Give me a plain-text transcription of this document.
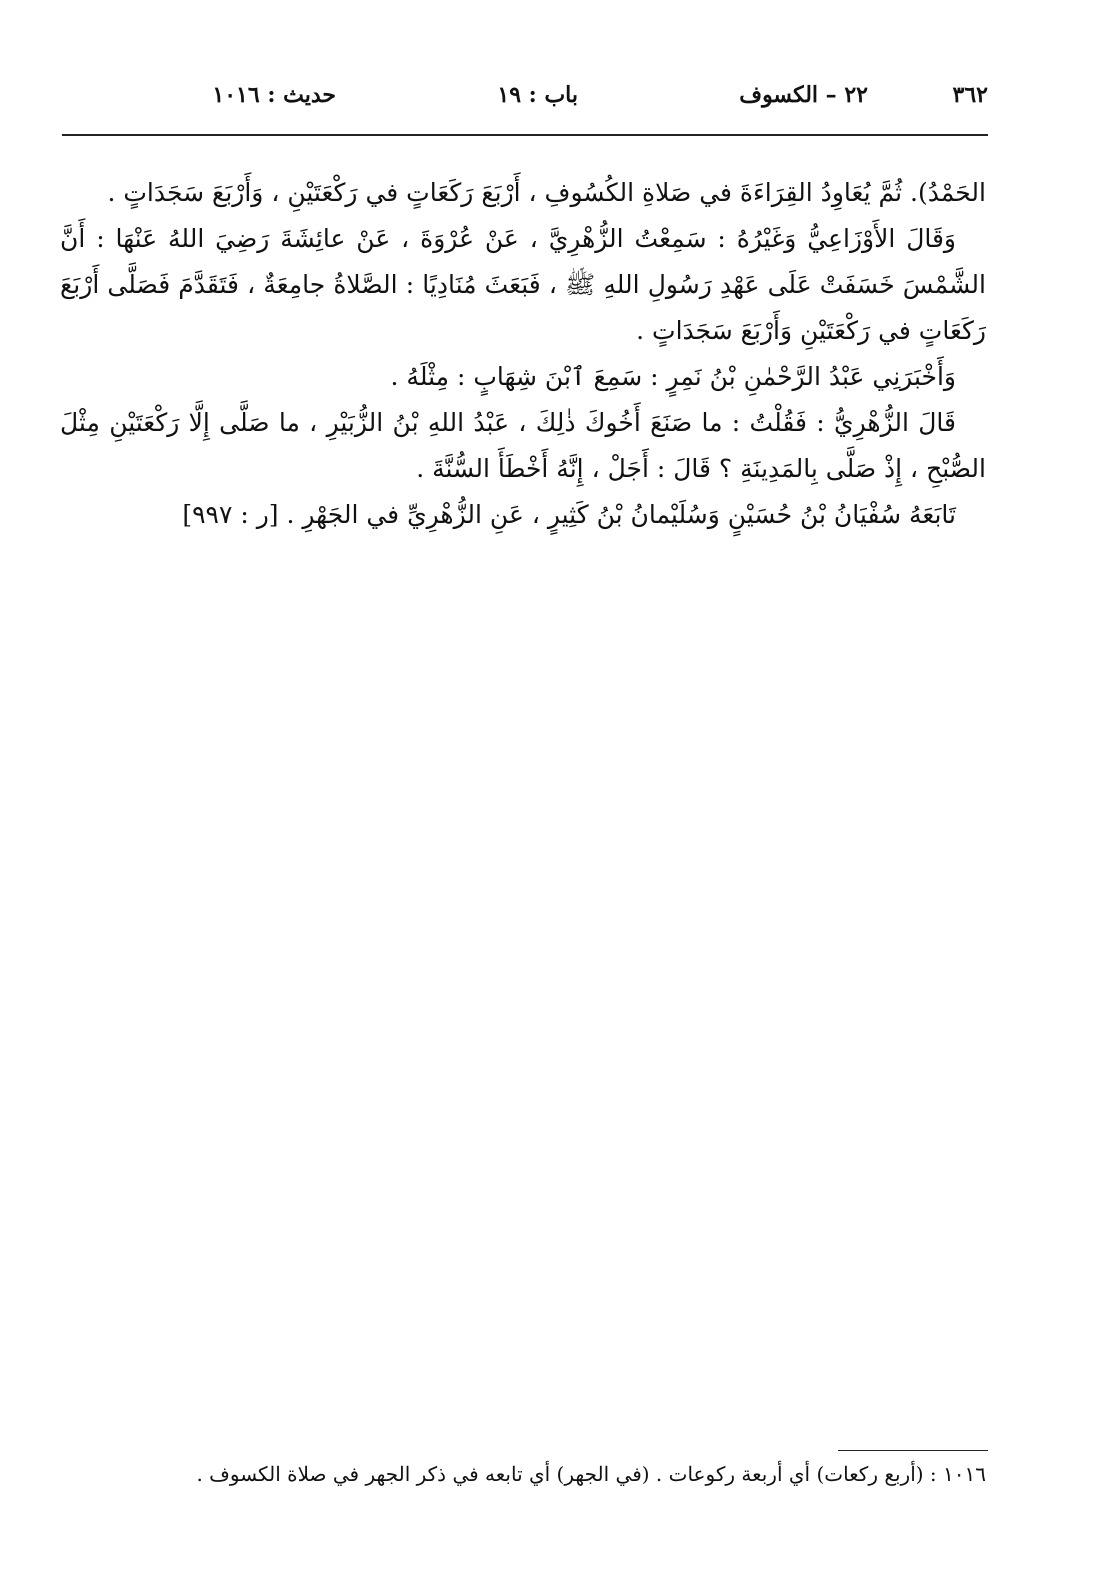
٣٦٢
٢٢ – الكسوف
باب : ١٩
حديث : ١٠١٦

الحَمْدُ). ثُمَّ يُعَاوِدُ القِرَاءَةَ في صَلاةِ الكُسُوفِ ، أَرْبَعَ رَكَعَاتٍ في رَكْعَتَيْنِ ، وَأَرْبَعَ سَجَدَاتٍ .

وَقَالَ الأَوْزَاعِيُّ وَغَيْرُهُ : سَمِعْتُ الزُّهْرِيَّ ، عَنْ عُرْوَةَ ، عَنْ عائِشَةَ رَضِيَ اللهُ عَنْهَا : أَنَّ الشَّمْسَ خَسَفَتْ عَلَى عَهْدِ رَسُولِ اللهِ ﷺ ، فَبَعَثَ مُنَادِيًا : الصَّلاةُ جامِعَةٌ ، فَتَقَدَّمَ فَصَلَّى أَرْبَعَ رَكَعَاتٍ في رَكْعَتَيْنِ وَأَرْبَعَ سَجَدَاتٍ .

وَأَخْبَرَنِي عَبْدُ الرَّحْمٰنِ بْنُ نَمِرٍ : سَمِعَ ٱبْنَ شِهَابٍ : مِثْلَهُ .

قَالَ الزُّهْرِيُّ : فَقُلْتُ : ما صَنَعَ أَخُوكَ ذٰلِكَ ، عَبْدُ اللهِ بْنُ الزُّبَيْرِ ، ما صَلَّى إِلَّا رَكْعَتَيْنِ مِثْلَ الصُّبْحِ ، إِذْ صَلَّى بِالمَدِينَةِ ؟ قَالَ : أَجَلْ ، إِنَّهُ أَخْطَأَ السُّنَّةَ .

تَابَعَهُ سُفْيَانُ بْنُ حُسَيْنٍ وَسُلَيْمانُ بْنُ كَثِيرٍ ، عَنِ الزُّهْرِيِّ في الجَهْرِ . [ر : ٩٩٧]

١٠١٦ : (أربع ركعات) أي أربعة ركوعات . (في الجهر) أي تابعه في ذكر الجهر في صلاة الكسوف .
